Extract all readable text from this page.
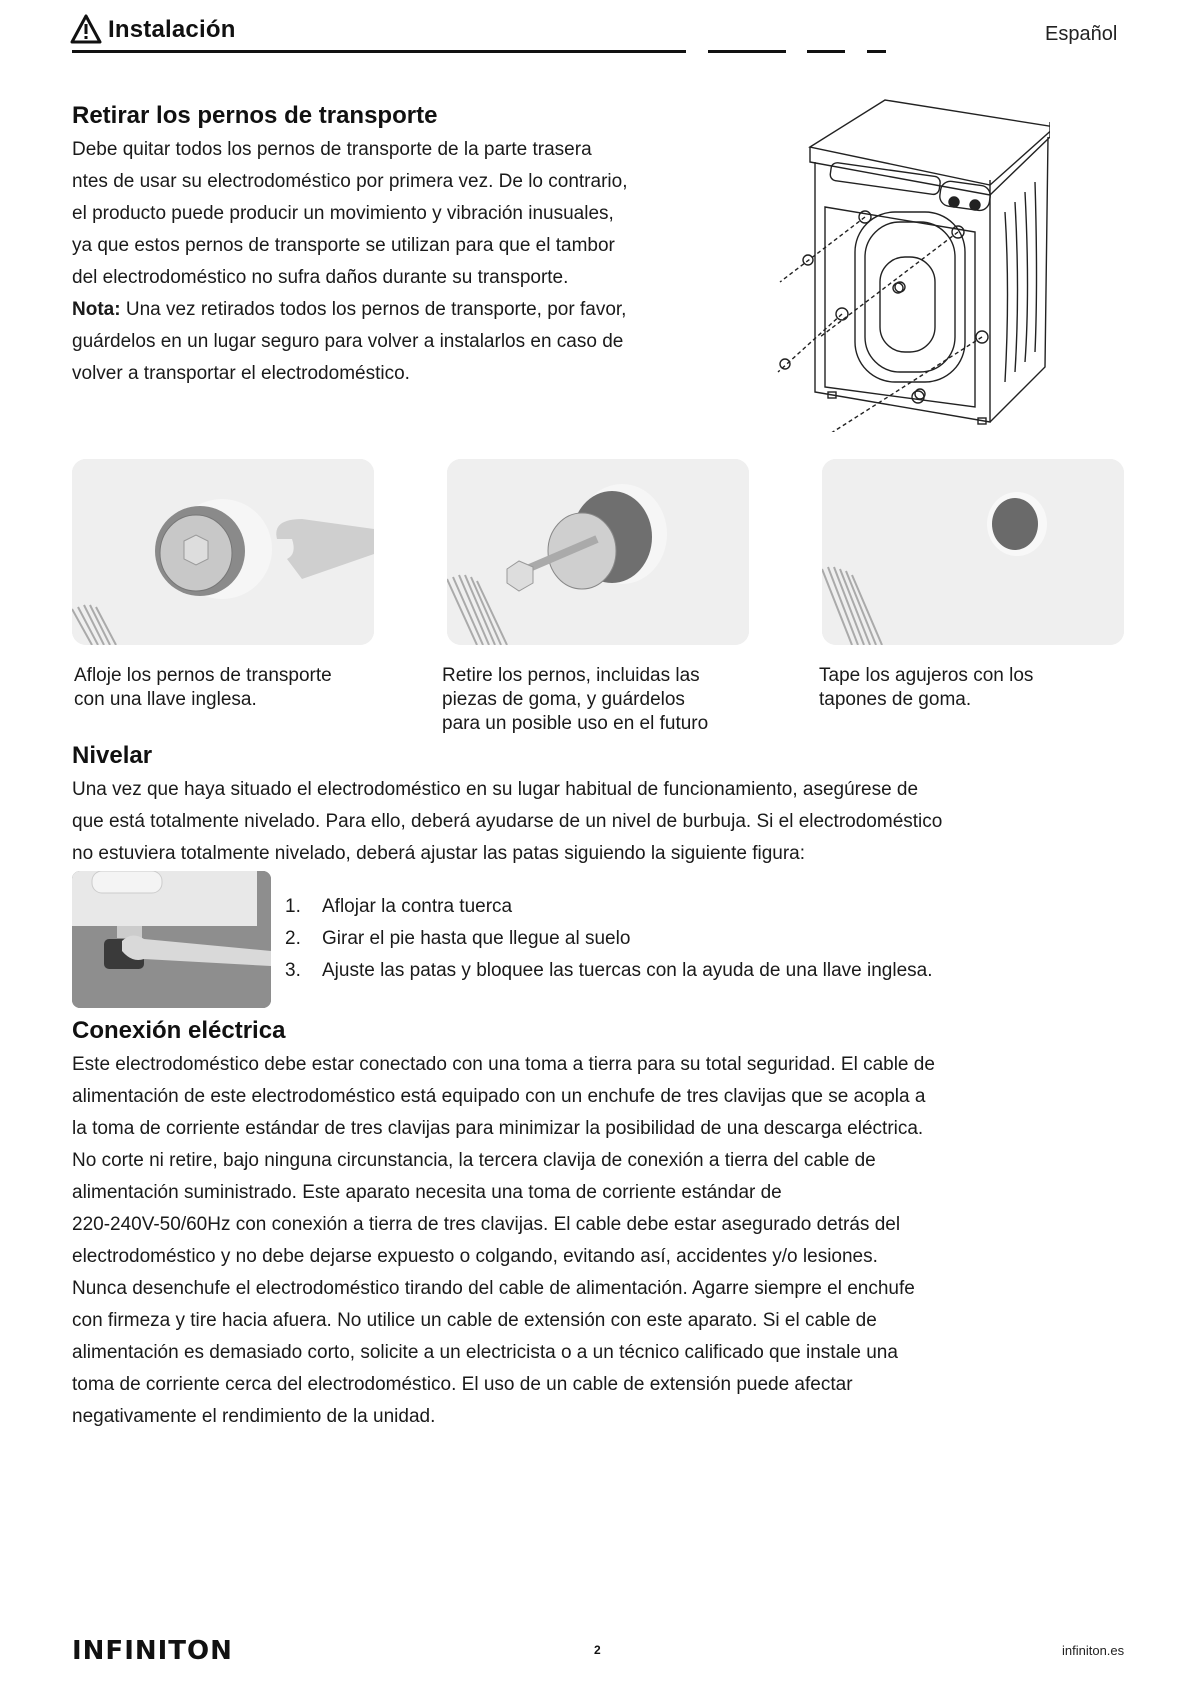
Instalación	Español
Retirar los pernos de transporte

Debe quitar todos los pernos de transporte de la parte trasera

ntes de usar su electrodoméstico por primera vez. De lo contrario,

el producto puede producir un movimiento y vibración inusuales,

ya que estos pernos de transporte se utilizan para que el tambor

del electrodoméstico no sufra daños durante su transporte.

Nota: Una vez retirados todos los pernos de transporte, por favor,

guárdelos en un lugar seguro para volver a instalarlos en caso de

volver a transportar el electrodoméstico.

Afloje los pernos de transporte

con una llave inglesa.

Retire los pernos, incluidas las

piezas de goma, y guárdelos

para un posible uso en el futuro

Tape los agujeros con los

tapones de goma.

Nivelar

Una vez que haya situado el electrodoméstico en su lugar habitual de funcionamiento, asegúrese de

que está totalmente nivelado. Para ello, deberá ayudarse de un nivel de burbuja. Si el electrodoméstico

no estuviera totalmente nivelado, deberá ajustar las patas siguiendo la siguiente figura:

1.	Aflojar la contra tuerca
2.	Girar el pie hasta que llegue al suelo
3.	Ajuste las patas y bloquee las tuercas con la ayuda de una llave inglesa.
Conexión eléctrica

Este electrodoméstico debe estar conectado con una toma a tierra para su total seguridad. El cable de

alimentación de este electrodoméstico está equipado con un enchufe de tres clavijas que se acopla a

la toma de corriente estándar de tres clavijas para minimizar la posibilidad de una descarga eléctrica.

No corte ni retire, bajo ninguna circunstancia, la tercera clavija de conexión a tierra del cable de

alimentación suministrado. Este aparato necesita una toma de corriente estándar de

220-240V-50/60Hz con conexión a tierra de tres clavijas. El cable debe estar asegurado detrás del

electrodoméstico y no debe dejarse expuesto o colgando, evitando así, accidentes y/o lesiones.

Nunca desenchufe el electrodoméstico tirando del cable de alimentación. Agarre siempre el enchufe

con firmeza y tire hacia afuera. No utilice un cable de extensión con este aparato. Si el cable de

alimentación es demasiado corto, solicite a un electricista o a un técnico calificado que instale una

toma de corriente cerca del electrodoméstico. El uso de un cable de extensión puede afectar

negativamente el rendimiento de la unidad.

INFINITON	2	infiniton.es
